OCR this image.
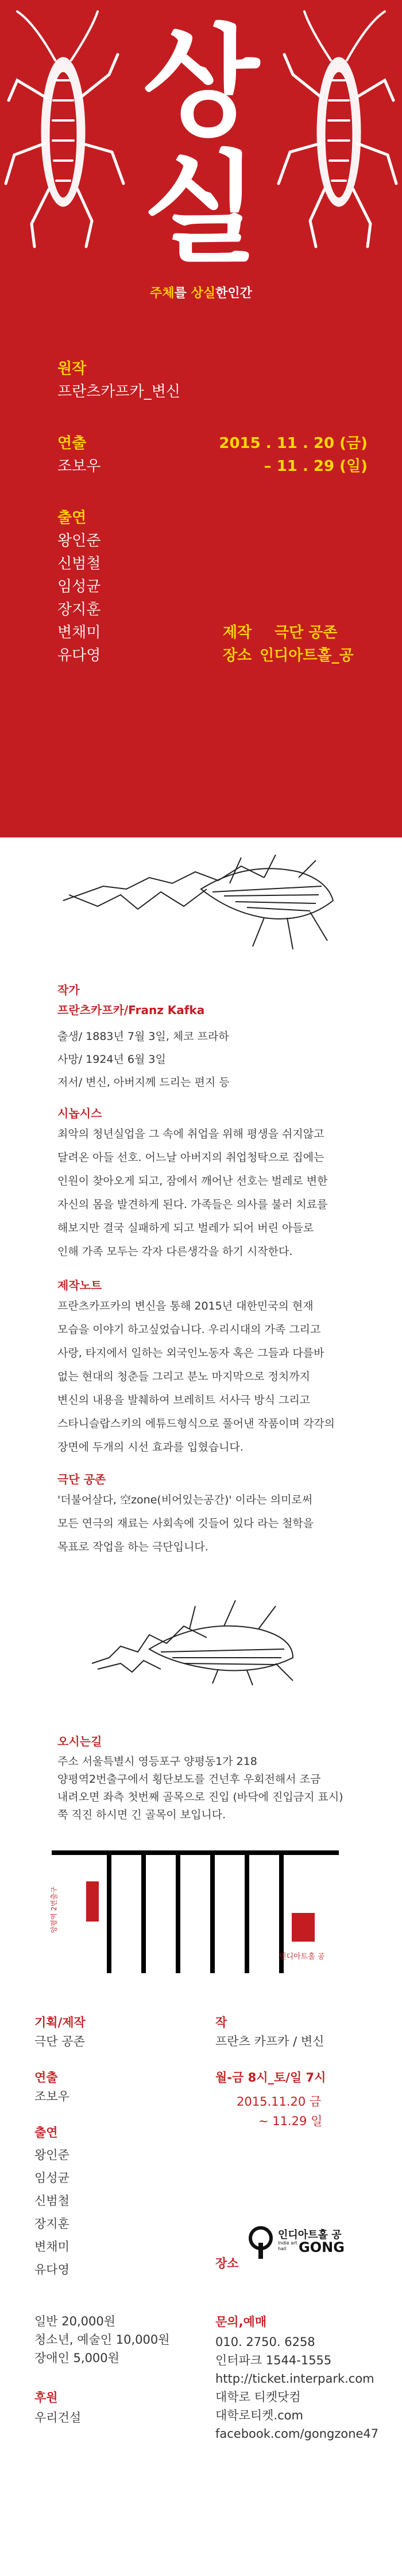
상
실
주체를 상실한인간
원작
프란츠카프카_변신
연출
조보우
2015 . 11 . 20 (금)
– 11 . 29 (일)
출연
왕인준
신범철
임성균
장지훈
변채미
유다영
제작 극단 공존
장소 인디아트홀_공
작가
프란츠카프카/Franz Kafka
출생/ 1883년 7월 3일, 체코 프라하
사망/ 1924년 6월 3일
저서/ 변신, 아버지께 드리는 편지 등
시놉시스
최악의 청년실업을 그 속에 취업을 위해 평생을 쉬지않고
달려온 아들 선호. 어느날 아버지의 취업청탁으로 집에는
인원이 찾아오게 되고, 잠에서 깨어난 선호는 벌레로 변한
자신의 몸을 발견하게 된다. 가족들은 의사를 불러 치료를
해보지만 결국 실패하게 되고 벌레가 되어 버린 아들로
인해 가족 모두는 각자 다른생각을 하기 시작한다.
제작노트
프란츠카프카의 변신을 통해 2015년 대한민국의 현재
모습을 이야기 하고싶었습니다. 우리시대의 가족 그리고
사랑, 타지에서 일하는 외국인노동자 혹은 그들과 다를바
없는 현대의 청춘들 그리고 분노 마지막으로 정치까지
변신의 내용을 발췌하여 브레히트 서사극 방식 그리고
스타니슬랍스키의 에튜드형식으로 풀어낸 작품이며 각각의
장면에 두개의 시선 효과를 입혔습니다.
극단 공존
'더불어살다, 空zone(비어있는공간)' 이라는 의미로써
모든 연극의 재료는 사회속에 깃들어 있다 라는 철학을
목표로 작업을 하는 극단입니다.
오시는길
주소 서울특별시 영등포구 양평동1가 218
양평역2번출구에서 횡단보도를 건넌후 우회전해서 조금
내려오면 좌측 첫번째 골목으로 진입 (바닥에 진입금지 표시)
쭉 직진 하시면 긴 골목이 보입니다.
양평역 2번출구
인디아트홀 공
기획/제작
극단 공존
작
프란츠 카프카 / 변신
연출
조보우
월-금 8시_토/일 7시
2015.11.20 금
~ 11.29 일
출연
왕인준
임성균
신범철
장지훈
변채미
유다영	장소
인디아트홀 공
Indie art hall GONG
일반 20,000원
청소년, 예술인 10,000원
장애인 5,000원
후원
우리건설
문의,예매
010. 2750. 6258
인터파크 1544-1555
http://ticket.interpark.com
대학로 티켓닷컴
대학로티켓.com
facebook.com/gongzone47
